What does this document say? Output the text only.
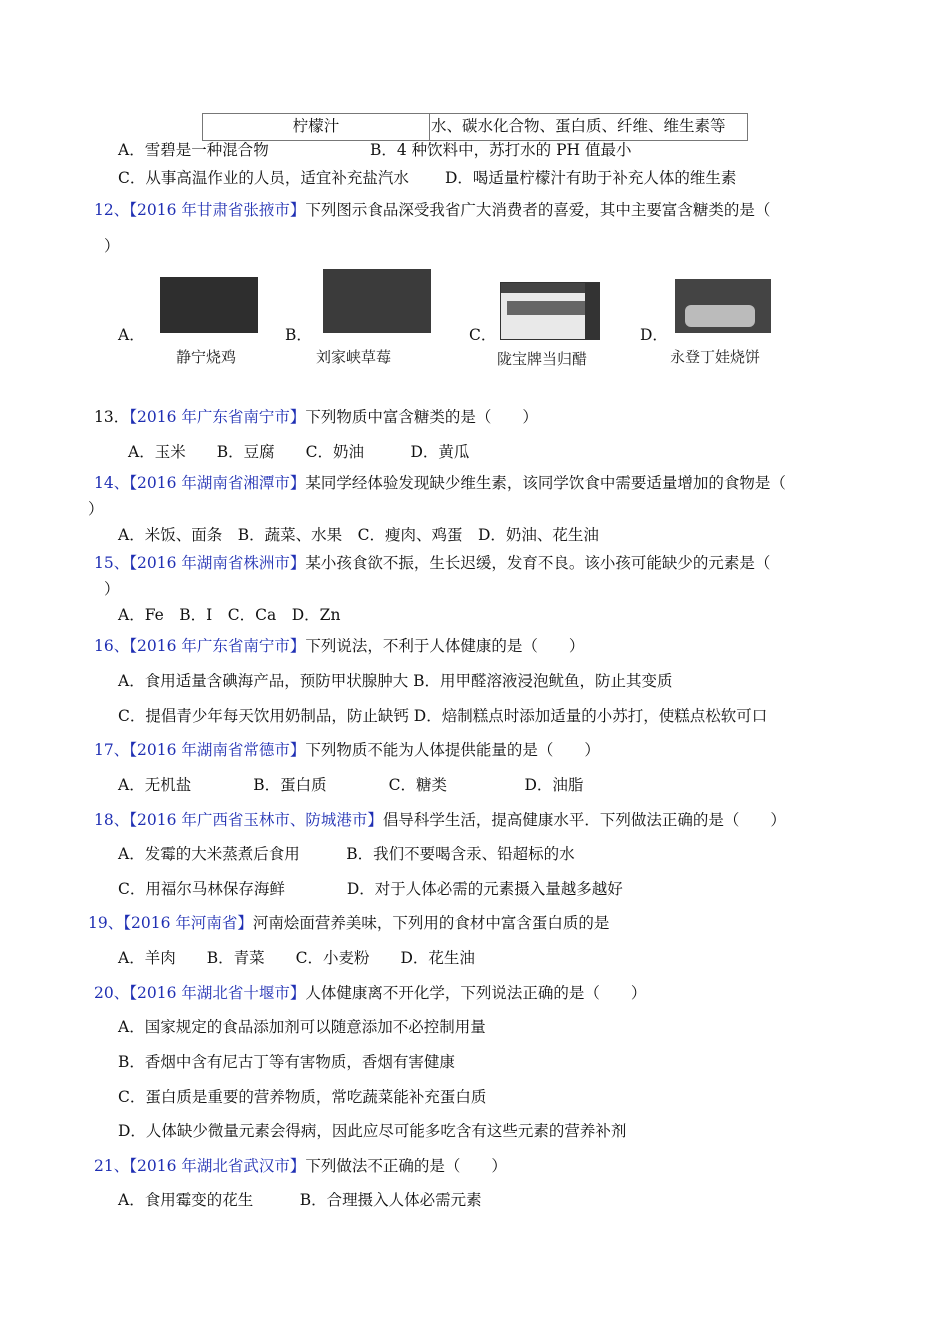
柠檬汁	水、碳水化合物、蛋白质、纤维、维生素等
A．雪碧是一种混合物	B．4 种饮料中，苏打水的 PH 值最小
C．从事高温作业的人员，适宜补充盐汽水 D．喝适量柠檬汁有助于补充人体的维生素
12、【2016 年甘肃省张掖市】下列图示食品深受我省广大消费者的喜爱，其中主要富含糖类的是（
）
A．
静宁烧鸡
B．
刘家峡草莓
C．
陇宝牌当归醋
D．
永登丁娃烧饼
13．【2016 年广东省南宁市】下列物质中富含糖类的是（　　）
A．玉米　　B．豆腐　　C．奶油　　　D．黄瓜
14、【2016 年湖南省湘潭市】某同学经体验发现缺少维生素，该同学饮食中需要适量增加的食物是（
）
A．米饭、面条　B．蔬菜、水果　C．瘦肉、鸡蛋　D．奶油、花生油
15、【2016 年湖南省株洲市】某小孩食欲不振，生长迟缓，发育不良。该小孩可能缺少的元素是（
）
A．Fe　B．I　C．Ca　D．Zn
16、【2016 年广东省南宁市】下列说法，不利于人体健康的是（　　）
A．食用适量含碘海产品，预防甲状腺肿大 B．用甲醛溶液浸泡鱿鱼，防止其变质
C．提倡青少年每天饮用奶制品，防止缺钙 D．焙制糕点时添加适量的小苏打，使糕点松软可口
17、【2016 年湖南省常德市】下列物质不能为人体提供能量的是（　　）
A．无机盐　　　　B．蛋白质　　　　C．糖类　　　　　D．油脂
18、【2016 年广西省玉林市、防城港市】倡导科学生活，提高健康水平．下列做法正确的是（　　）
A．发霉的大米蒸煮后食用　　　B．我们不要喝含汞、铅超标的水
C．用福尔马林保存海鲜　　　　D．对于人体必需的元素摄入量越多越好
19、【2016 年河南省】河南烩面营养美味，下列用的食材中富含蛋白质的是
A．羊肉　　B．青菜　　C．小麦粉　　D．花生油
20、【2016 年湖北省十堰市】人体健康离不开化学，下列说法正确的是（　　）
A．国家规定的食品添加剂可以随意添加不必控制用量
B．香烟中含有尼古丁等有害物质，香烟有害健康
C．蛋白质是重要的营养物质，常吃蔬菜能补充蛋白质
D．人体缺少微量元素会得病，因此应尽可能多吃含有这些元素的营养补剂
21、【2016 年湖北省武汉市】下列做法不正确的是（　　）
A．食用霉变的花生　　　B．合理摄入人体必需元素
